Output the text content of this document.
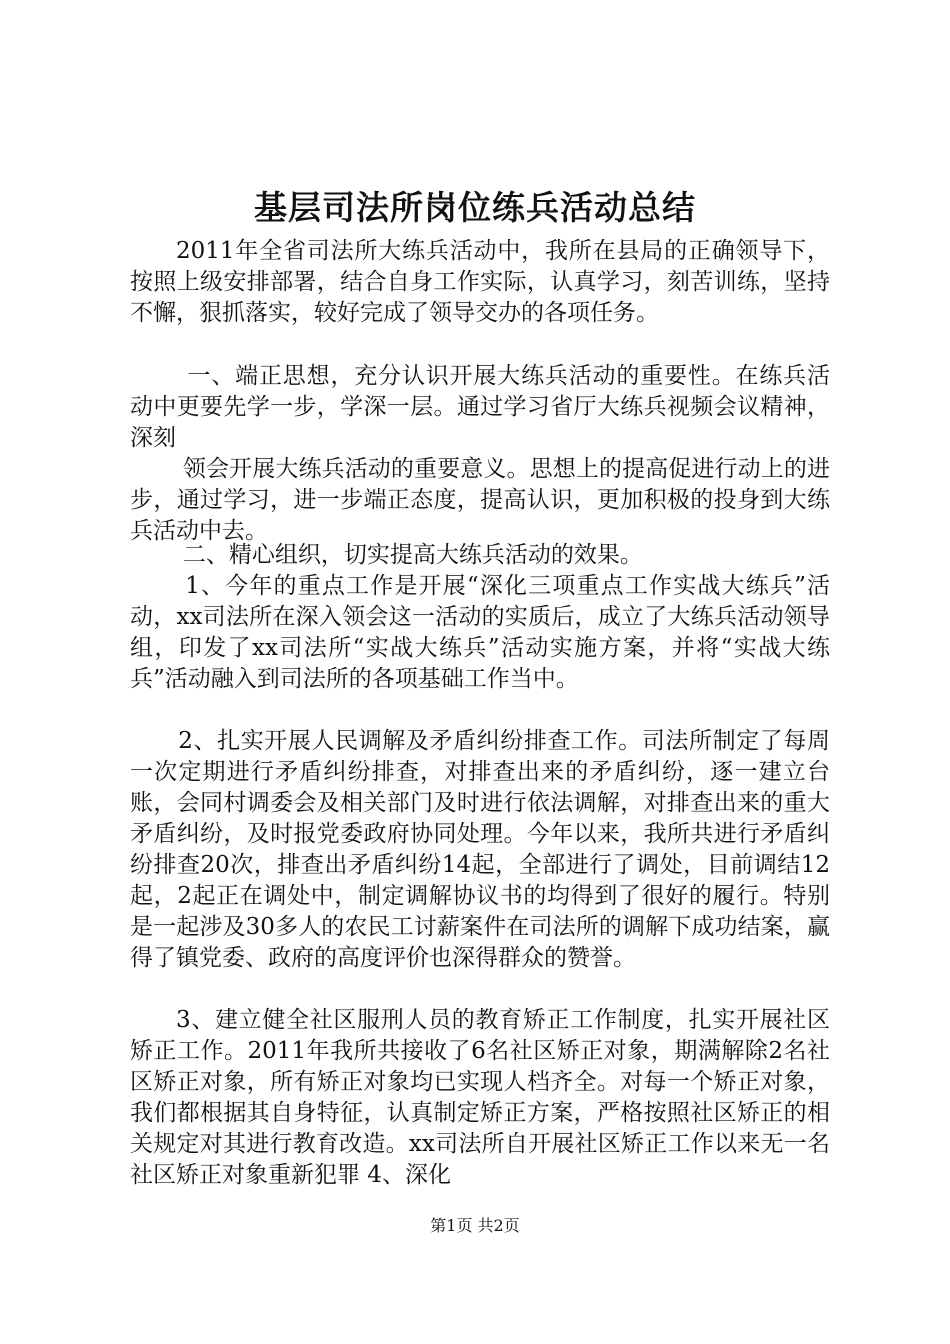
基层司法所岗位练兵活动总结

2011年全省司法所大练兵活动中，我所在县局的正确领导下，按照上级安排部署，结合自身工作实际，认真学习，刻苦训练，坚持不懈，狠抓落实，较好完成了领导交办的各项任务。

一、端正思想，充分认识开展大练兵活动的重要性。在练兵活动中更要先学一步，学深一层。通过学习省厅大练兵视频会议精神，深刻

领会开展大练兵活动的重要意义。思想上的提高促进行动上的进步，通过学习，进一步端正态度，提高认识，更加积极的投身到大练兵活动中去。

二、精心组织，切实提高大练兵活动的效果。

1、今年的重点工作是开展“深化三项重点工作实战大练兵”活动，xx司法所在深入领会这一活动的实质后，成立了大练兵活动领导组，印发了xx司法所“实战大练兵”活动实施方案，并将“实战大练兵”活动融入到司法所的各项基础工作当中。

2、扎实开展人民调解及矛盾纠纷排查工作。司法所制定了每周一次定期进行矛盾纠纷排查，对排查出来的矛盾纠纷，逐一建立台账，会同村调委会及相关部门及时进行依法调解，对排查出来的重大矛盾纠纷，及时报党委政府协同处理。今年以来，我所共进行矛盾纠纷排查20次，排查出矛盾纠纷14起，全部进行了调处，目前调结12起，2起正在调处中，制定调解协议书的均得到了很好的履行。特别是一起涉及30多人的农民工讨薪案件在司法所的调解下成功结案，赢得了镇党委、政府的高度评价也深得群众的赞誉。

3、建立健全社区服刑人员的教育矫正工作制度，扎实开展社区矫正工作。2011年我所共接收了6名社区矫正对象，期满解除2名社区矫正对象，所有矫正对象均已实现人档齐全。对每一个矫正对象，我们都根据其自身特征，认真制定矫正方案，严格按照社区矫正的相关规定对其进行教育改造。xx司法所自开展社区矫正工作以来无一名社区矫正对象重新犯罪 4、深化

第1页 共2页
